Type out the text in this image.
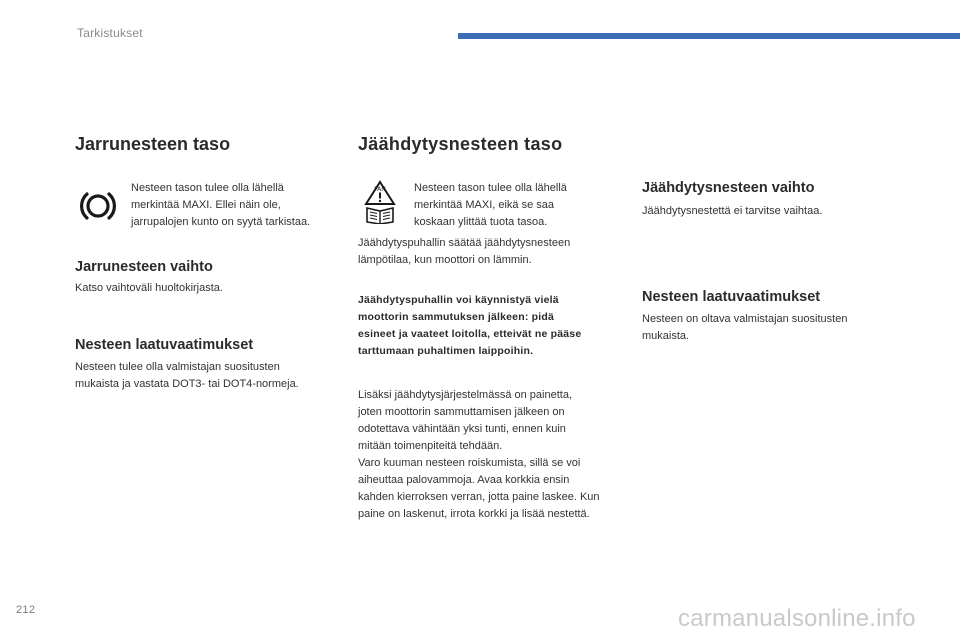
Tarkistukset
Jarrunesteen taso

Nesteen tason tulee olla lähellä

merkintää MAXI. Ellei näin ole,

jarrupalojen kunto on syytä tarkistaa.

Jarrunesteen vaihto

Katso vaihtoväli huoltokirjasta.

Nesteen laatuvaatimukset

Nesteen tulee olla valmistajan suositusten

mukaista ja vastata DOT3- tai DOT4-normeja.

Jäähdytysnesteen taso
FAN	Nesteen tason tulee olla lähellä

merkintää MAXI, eikä se saa

koskaan ylittää tuota tasoa.

Jäähdytyspuhallin säätää jäähdytysnesteen

lämpötilaa, kun moottori on lämmin.

Jäähdytyspuhallin voi käynnistyä vielä

moottorin sammutuksen jälkeen: pidä

esineet ja vaateet loitolla, etteivät ne pääse

tarttumaan puhaltimen laippoihin.

Lisäksi jäähdytysjärjestelmässä on painetta,

joten moottorin sammuttamisen jälkeen on

odotettava vähintään yksi tunti, ennen kuin

mitään toimenpiteitä tehdään.

Varo kuuman nesteen roiskumista, sillä se voi

aiheuttaa palovammoja. Avaa korkkia ensin

kahden kierroksen verran, jotta paine laskee. Kun

paine on laskenut, irrota korkki ja lisää nestettä.

Jäähdytysnesteen vaihto

Jäähdytysnestettä ei tarvitse vaihtaa.

Nesteen laatuvaatimukset

Nesteen on oltava valmistajan suositusten

mukaista.

212	carmanualsonline.info
